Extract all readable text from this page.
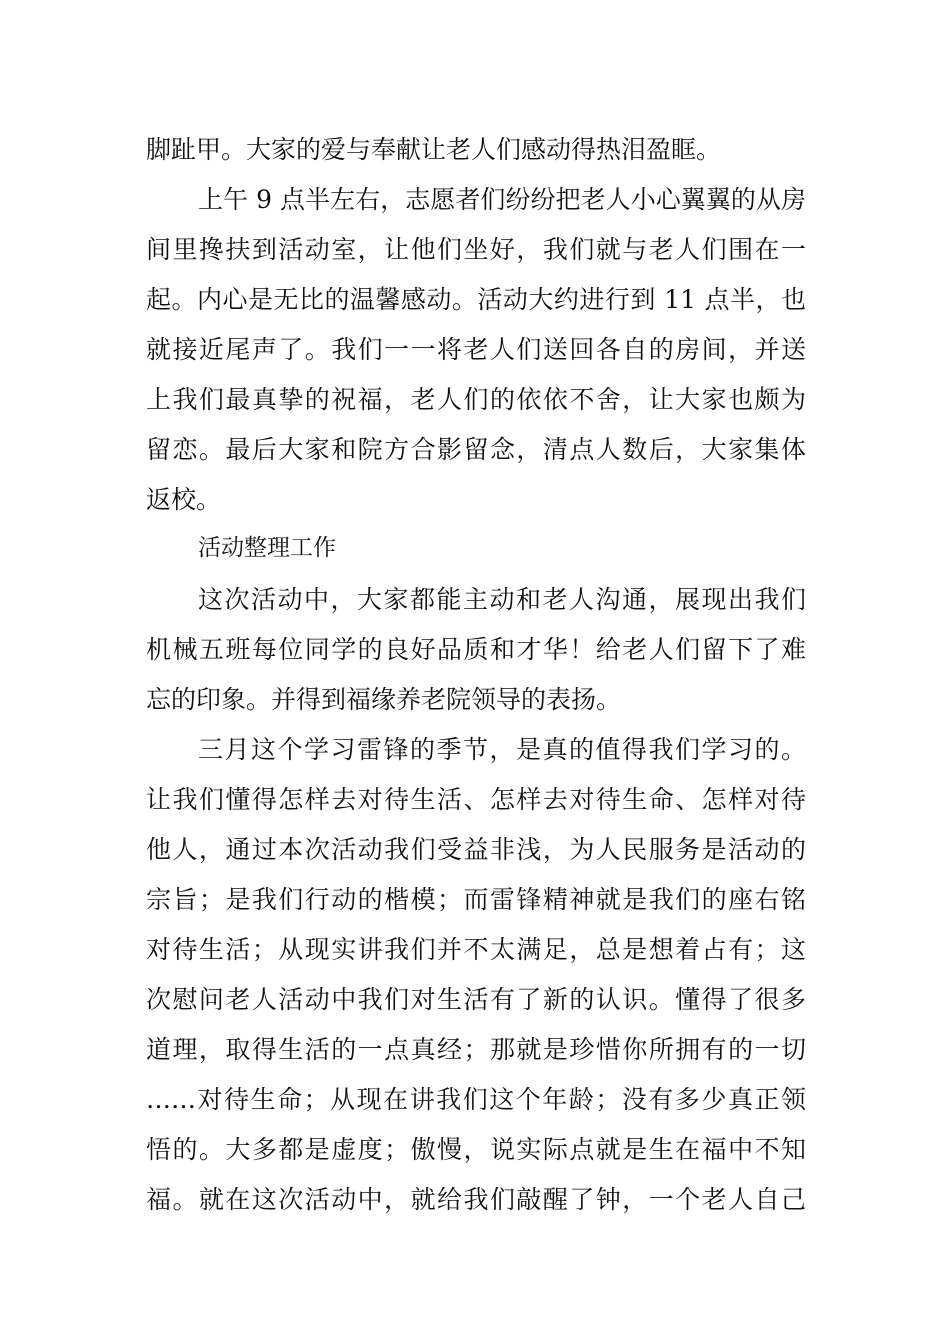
脚趾甲。大家的爱与奉献让老人们感动得热泪盈眶。
上午 9 点半左右，志愿者们纷纷把老人小心翼翼的从房
间里搀扶到活动室，让他们坐好，我们就与老人们围在一
起。内心是无比的温馨感动。活动大约进行到 11 点半，也
就接近尾声了。我们一一将老人们送回各自的房间，并送
上我们最真挚的祝福，老人们的依依不舍，让大家也颇为
留恋。最后大家和院方合影留念，清点人数后，大家集体
返校。
活动整理工作
这次活动中，大家都能主动和老人沟通，展现出我们
机械五班每位同学的良好品质和才华！给老人们留下了难
忘的印象。并得到福缘养老院领导的表扬。
三月这个学习雷锋的季节，是真的值得我们学习的。
让我们懂得怎样去对待生活、怎样去对待生命、怎样对待
他人，通过本次活动我们受益非浅，为人民服务是活动的
宗旨；是我们行动的楷模；而雷锋精神就是我们的座右铭
对待生活；从现实讲我们并不太满足，总是想着占有；这
次慰问老人活动中我们对生活有了新的认识。懂得了很多
道理，取得生活的一点真经；那就是珍惜你所拥有的一切
……对待生命；从现在讲我们这个年龄；没有多少真正领
悟的。大多都是虚度；傲慢，说实际点就是生在福中不知
福。就在这次活动中，就给我们敲醒了钟，一个老人自己
